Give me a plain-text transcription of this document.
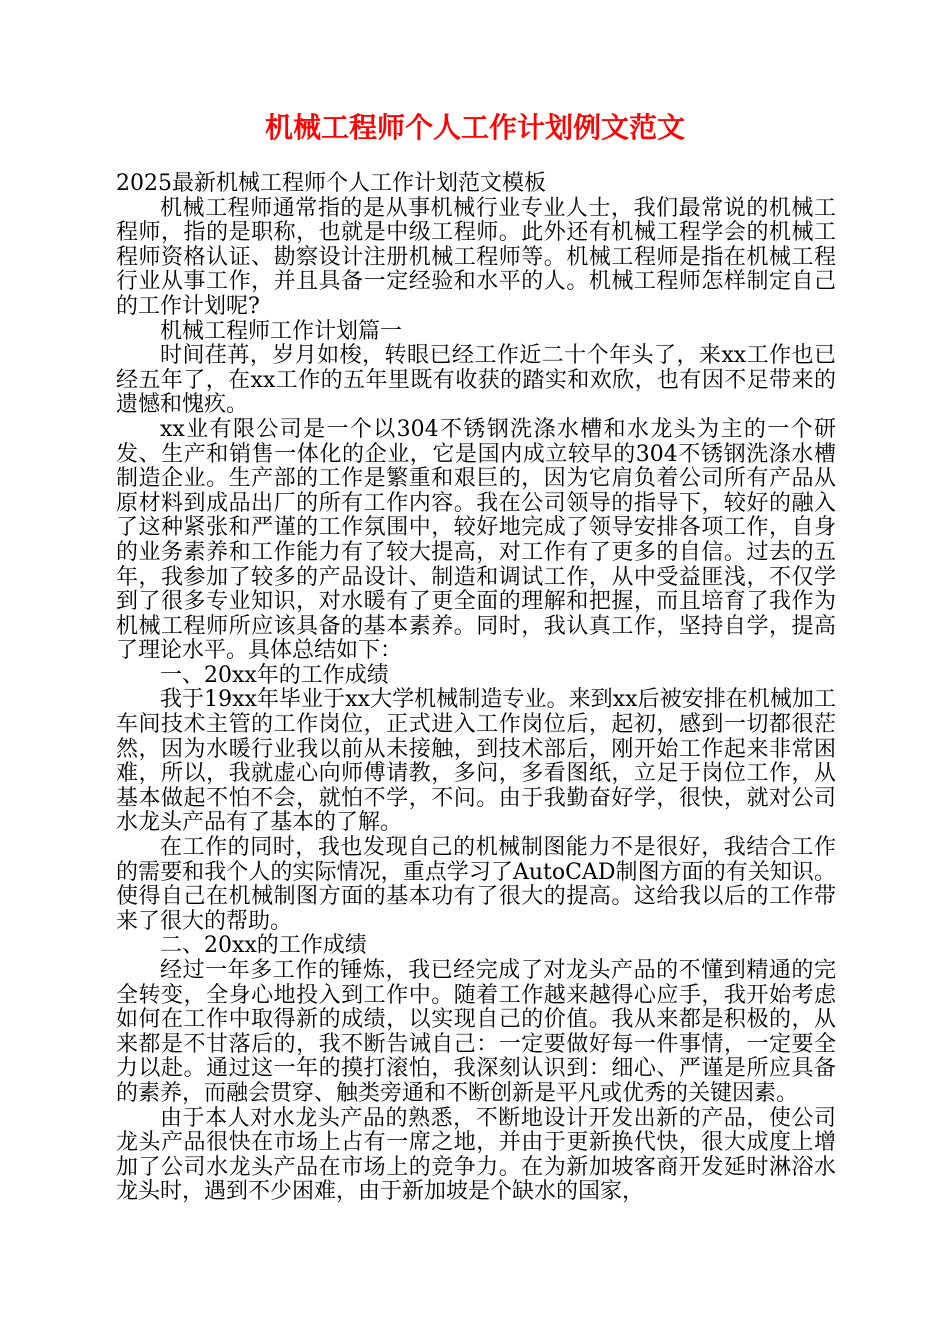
机械工程师个人工作计划例文范文

2025最新机械工程师个人工作计划范文模板

机械工程师通常指的是从事机械行业专业人士，我们最常说的机械工程师，指的是职称，也就是中级工程师。此外还有机械工程学会的机械工程师资格认证、勘察设计注册机械工程师等。机械工程师是指在机械工程行业从事工作，并且具备一定经验和水平的人。机械工程师怎样制定自己的工作计划呢?

机械工程师工作计划篇一

时间荏苒，岁月如梭，转眼已经工作近二十个年头了，来xx工作也已经五年了，在xx工作的五年里既有收获的踏实和欢欣，也有因不足带来的遗憾和愧疚。

xx业有限公司是一个以304不锈钢洗涤水槽和水龙头为主的一个研发、生产和销售一体化的企业，它是国内成立较早的304不锈钢洗涤水槽制造企业。生产部的工作是繁重和艰巨的，因为它肩负着公司所有产品从原材料到成品出厂的所有工作内容。我在公司领导的指导下，较好的融入了这种紧张和严谨的工作氛围中，较好地完成了领导安排各项工作，自身的业务素养和工作能力有了较大提高，对工作有了更多的自信。过去的五年，我参加了较多的产品设计、制造和调试工作，从中受益匪浅，不仅学到了很多专业知识，对水暖有了更全面的理解和把握，而且培育了我作为机械工程师所应该具备的基本素养。同时，我认真工作，坚持自学，提高了理论水平。具体总结如下：

一、20xx年的工作成绩

我于19xx年毕业于xx大学机械制造专业。来到xx后被安排在机械加工车间技术主管的工作岗位，正式进入工作岗位后，起初，感到一切都很茫然，因为水暖行业我以前从未接触，到技术部后，刚开始工作起来非常困难，所以，我就虚心向师傅请教，多问，多看图纸，立足于岗位工作，从基本做起不怕不会，就怕不学，不问。由于我勤奋好学，很快，就对公司水龙头产品有了基本的了解。

在工作的同时，我也发现自己的机械制图能力不是很好，我结合工作的需要和我个人的实际情况，重点学习了AutoCAD制图方面的有关知识。使得自己在机械制图方面的基本功有了很大的提高。这给我以后的工作带来了很大的帮助。

二、20xx的工作成绩

经过一年多工作的锤炼，我已经完成了对龙头产品的不懂到精通的完全转变，全身心地投入到工作中。随着工作越来越得心应手，我开始考虑如何在工作中取得新的成绩，以实现自己的价值。我从来都是积极的，从来都是不甘落后的，我不断告诫自己：一定要做好每一件事情，一定要全力以赴。通过这一年的摸打滚怕，我深刻认识到：细心、严谨是所应具备的素养，而融会贯穿、触类旁通和不断创新是平凡或优秀的关键因素。

由于本人对水龙头产品的熟悉，不断地设计开发出新的产品，使公司龙头产品很快在市场上占有一席之地，并由于更新换代快，很大成度上增加了公司水龙头产品在市场上的竞争力。在为新加坡客商开发延时淋浴水龙头时，遇到不少困难，由于新加坡是个缺水的国家，
